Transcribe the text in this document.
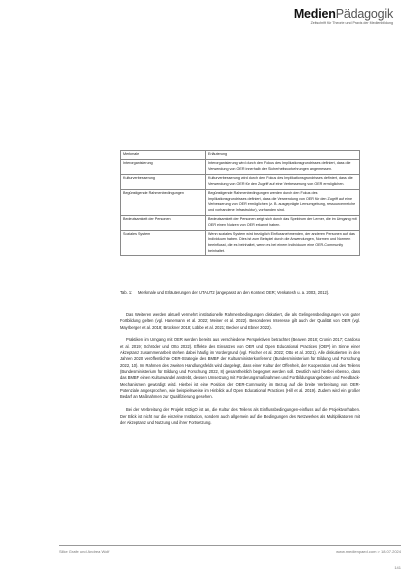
MedienPädagogik
Zeitschrift für Theorie und Praxis der Medienbildung
Merkmale	Erläuterung
Interorganisierung	Interorganisierung wird durch den Fokus des Implikationsgrundrisses definiert, dass die Verwendung von OER innerhalb der Sicherheitsvorkehrungen angemessen.
Kulturverbesserung	Kulturverbesserung wird durch den Fokus des Implikationsgrundrisses definiert, dass die Verwendung von OER für den Zugriff auf eine Verbesserung von OER ermöglichen.
Begünstigende Rahmenbedingungen	Begünstigende Rahmenbedingungen werden durch den Fokus des Implikationsgrundrisses definiert, dass die Verwendung von OER für den Zugriff auf eine Verbesserung von OER ermöglichen (z. B. ausgeprägte Lernumgebung, ressourcenreiche und vorhandene Infrastruktur), vorhanden sind.
Bedeutsamkeit der Personen	Bedeutsamkeit der Personen zeigt sich durch das Spektrum der Lerner, die im Umgang mit OER einen Nutzen von OER erkannt haben.
Soziales System	Wenn soziales System wird bezüglich Einflussnehmenden, der anderen Personen auf das Individuum haben. Dies ist zum Beispiel durch die Anwendungen, Normen und Normen beeinflusst, die es beinhaltet, wenn es bei einem Individuum eine OER-Community beinhaltet.
Tab. 1: Merkmale und Erläuterungen der UTAUT2 (angepasst an den Kontext OER; Venkatesh u. a. 2003, 2012).

Das Weiteren werden aktuell vermehrt institutionelle Rahmenbedingungen diskutiert, die als Gelingensbedingungen von guter Fortbildung gelten (vgl. Hanemann et al. 2022; Meiner et al. 2022). Besonderes Interesse gilt auch der Qualität von OER (vgl. Mayrberger et al. 2018; Brückner 2018; Lübbe et al. 2021; Becker und Ebner 2022).

Praktiken im Umgang mit OER werden bereits aus verschiedene Perspektiven betrachtet (Beaven 2018; Cronin 2017; Cardoso et al. 2019; Schröder und Otto 2022). Effekte des Einsatzes von OER und Open Educational Practices (OEP) im Sinne einer Akzeptanz zusammenarbeit stehen dabei häufig im Vordergrund (vgl. Fischer et al. 2022; Otto et al. 2021). Alle diskutierten in den Jahren 2020 veröffentlichte OER-Strategie des BMBF der Kultusministerkonferenz (Bundesministerium für Bildung und Forschung 2022, 10). Im Rahmen des zweiten Handlungsfelds wird dargelegt, dass einer Kultur der Offenheit, der Kooperation und des Teilens (Bundesministerium für Bildung und Forschung 2022, 8) gesamtheitlich begegnet werden soll. Deutlich wird hierbei ebenso, dass das BMBF einen Kulturwandel anstrebt, dessen Umsetzung mit Förderungsmaßnahmen und Fortbildungsangeboten und Feedback-Mechanismen gewürdigt wird. Hierbei ist eine Position der OER-Community im Bezug auf die breite Verbreitung von OER-Potenziale angesprochen, wie beispielsweise im Hinblick auf Open Educational Practices (Hill et al. 2019). Zudem wird ein großer Bedarf an Maßnahmen zur Qualifizierung gesehen.

Bei der Verbreitung der Projekt InDigO ist an, die Kultur des Teilens als Einflussbedingungen-einfluss auf die Projektvorhaben. Der Blick ist nicht nur die einzelne Institution, sondern auch allgemein auf die Bedingungen des Netzwerkes als Multiplikatoren mit der Akzeptanz und Nutzung und ihrer Fortsetzung.

Silke Grafe und Andrea Wolf	www.medienpaed.com > 18.07.2024
141
